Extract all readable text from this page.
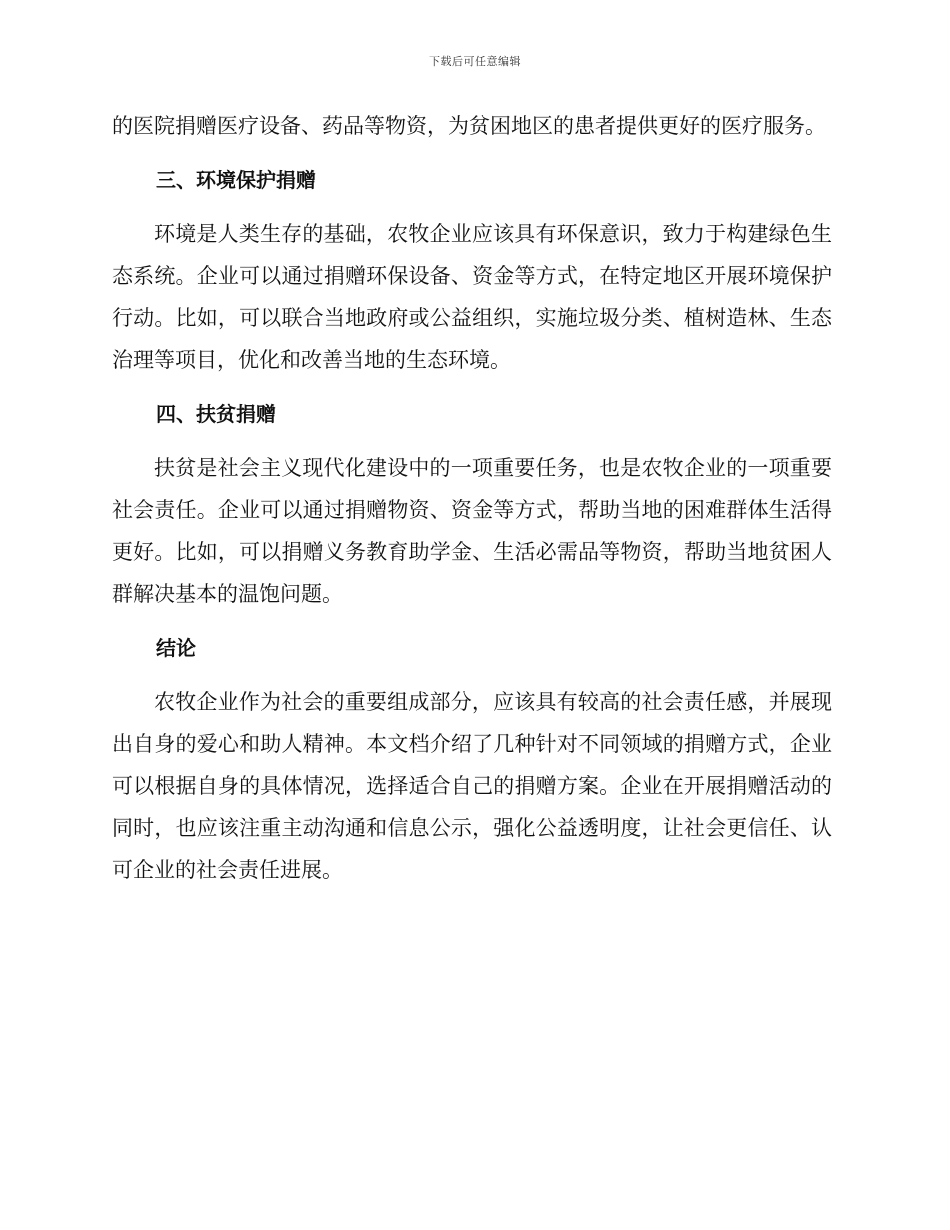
下载后可任意编辑

的医院捐赠医疗设备、药品等物资，为贫困地区的患者提供更好的医疗服务。

三、环境保护捐赠

环境是人类生存的基础，农牧企业应该具有环保意识，致力于构建绿色生态系统。企业可以通过捐赠环保设备、资金等方式，在特定地区开展环境保护行动。比如，可以联合当地政府或公益组织，实施垃圾分类、植树造林、生态治理等项目，优化和改善当地的生态环境。

四、扶贫捐赠

扶贫是社会主义现代化建设中的一项重要任务，也是农牧企业的一项重要社会责任。企业可以通过捐赠物资、资金等方式，帮助当地的困难群体生活得更好。比如，可以捐赠义务教育助学金、生活必需品等物资，帮助当地贫困人群解决基本的温饱问题。

结论

农牧企业作为社会的重要组成部分，应该具有较高的社会责任感，并展现出自身的爱心和助人精神。本文档介绍了几种针对不同领域的捐赠方式，企业可以根据自身的具体情况，选择适合自己的捐赠方案。企业在开展捐赠活动的同时，也应该注重主动沟通和信息公示，强化公益透明度，让社会更信任、认可企业的社会责任进展。
